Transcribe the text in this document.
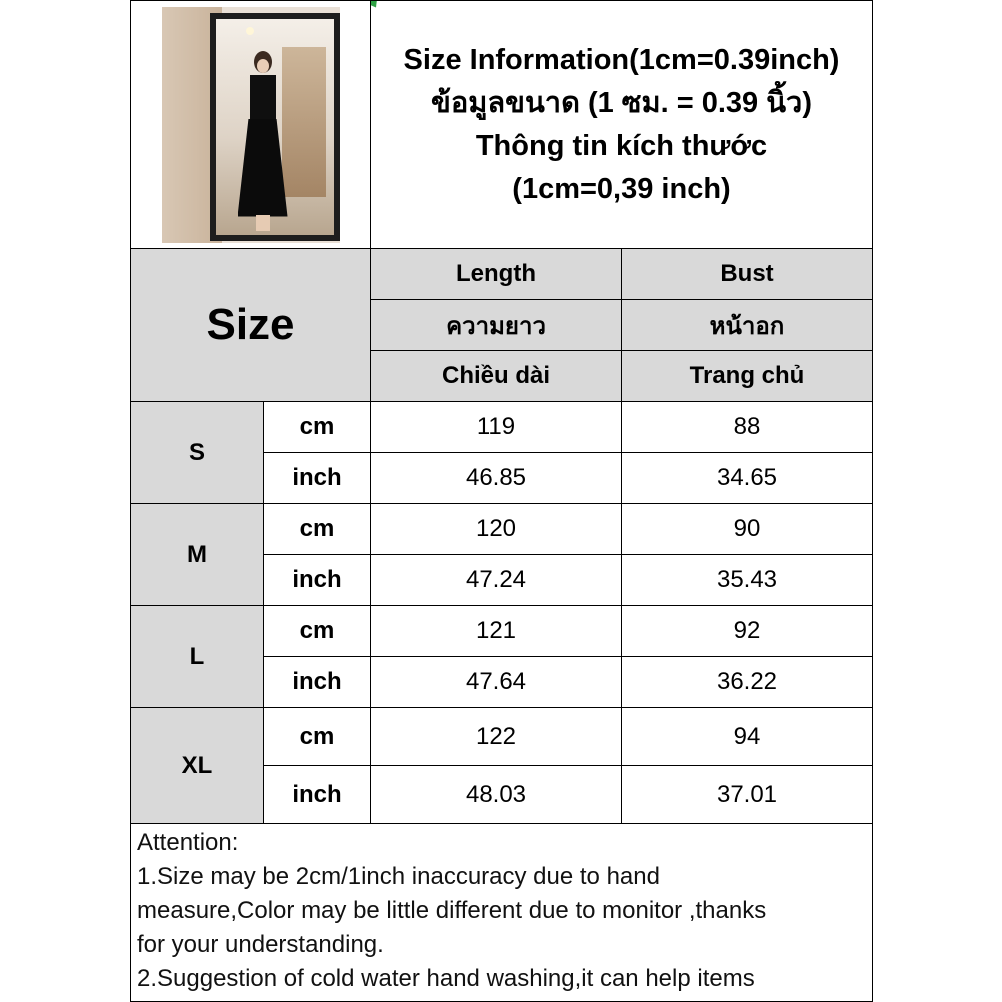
		Size Information(1cm=0.39inch)
ข้อมูลขนาด (1 ซม. = 0.39 นิ้ว)
Thông tin kích thước
(1cm=0,39 inch)	

Size		Length	Bust
		ความยาว	หน้าอก
		Chiều dài	Trang chủ
S	cm	119	88
	inch	46.85	34.65
M	cm	120	90
	inch	47.24	35.43
L	cm	121	92
	inch	47.64	36.22
XL	cm	122	94
	inch	48.03	37.01

Attention:
1.Size may be 2cm/1inch inaccuracy due to hand
measure,Color may be little different due to monitor ,thanks
for your understanding.
2.Suggestion of cold water hand washing,it can help items			
